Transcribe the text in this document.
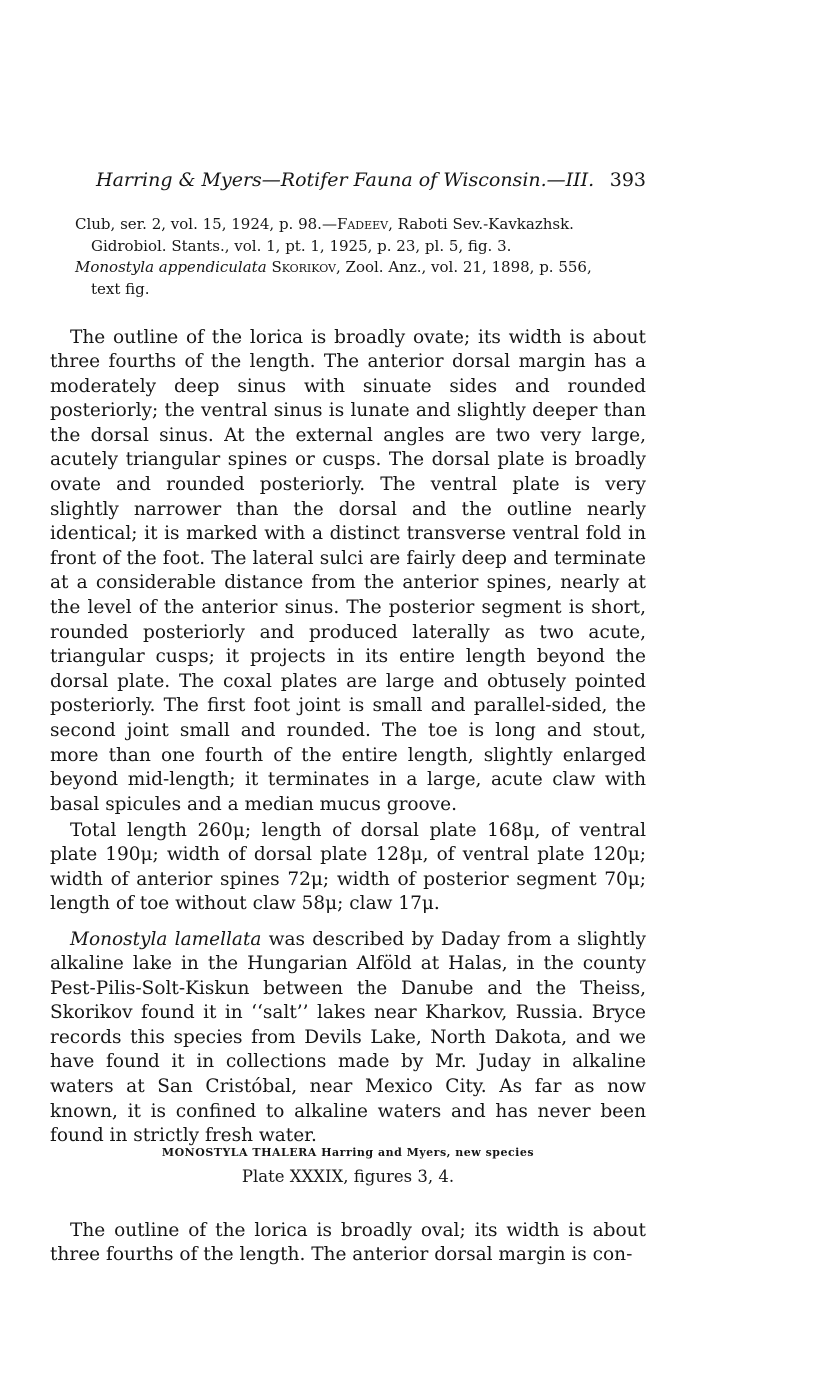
Harring & Myers—Rotifer Fauna of Wisconsin.—III. 393
Club, ser. 2, vol. 15, 1924, p. 98.—Fadeev, Raboti Sev.-Kavkazhsk.
Gidrobiol. Stants., vol. 1, pt. 1, 1925, p. 23, pl. 5, fig. 3.
Monostyla appendiculata Skorikov, Zool. Anz., vol. 21, 1898, p. 556,
text fig.

The outline of the lorica is broadly ovate; its width is about three fourths of the length. The anterior dorsal margin has a moderately deep sinus with sinuate sides and rounded posteriorly; the ventral sinus is lunate and slightly deeper than the dorsal sinus. At the external angles are two very large, acutely triangular spines or cusps. The dorsal plate is broadly ovate and rounded posteriorly. The ventral plate is very slightly narrower than the dorsal and the outline nearly identical; it is marked with a distinct transverse ventral fold in front of the foot. The lateral sulci are fairly deep and terminate at a considerable distance from the anterior spines, nearly at the level of the anterior sinus. The posterior segment is short, rounded posteriorly and produced laterally as two acute, triangular cusps; it projects in its entire length beyond the dorsal plate. The coxal plates are large and obtusely pointed posteriorly. The first foot joint is small and parallel-sided, the second joint small and rounded. The toe is long and stout, more than one fourth of the entire length, slightly enlarged beyond mid-length; it terminates in a large, acute claw with basal spicules and a median mucus groove.

Total length 260μ; length of dorsal plate 168μ, of ventral plate 190μ; width of dorsal plate 128μ, of ventral plate 120μ; width of anterior spines 72μ; width of posterior segment 70μ; length of toe without claw 58μ; claw 17μ.

Monostyla lamellata was described by Daday from a slightly alkaline lake in the Hungarian Alföld at Halas, in the county Pest-Pilis-Solt-Kiskun between the Danube and the Theiss, Skorikov found it in ‘‘salt’’ lakes near Kharkov, Russia. Bryce records this species from Devils Lake, North Dakota, and we have found it in collections made by Mr. Juday in alkaline waters at San Cristóbal, near Mexico City. As far as now known, it is confined to alkaline waters and has never been found in strictly fresh water.

MONOSTYLA THALERA Harring and Myers, new species
Plate XXXIX, figures 3, 4.

The outline of the lorica is broadly oval; its width is about three fourths of the length. The anterior dorsal margin is con-
